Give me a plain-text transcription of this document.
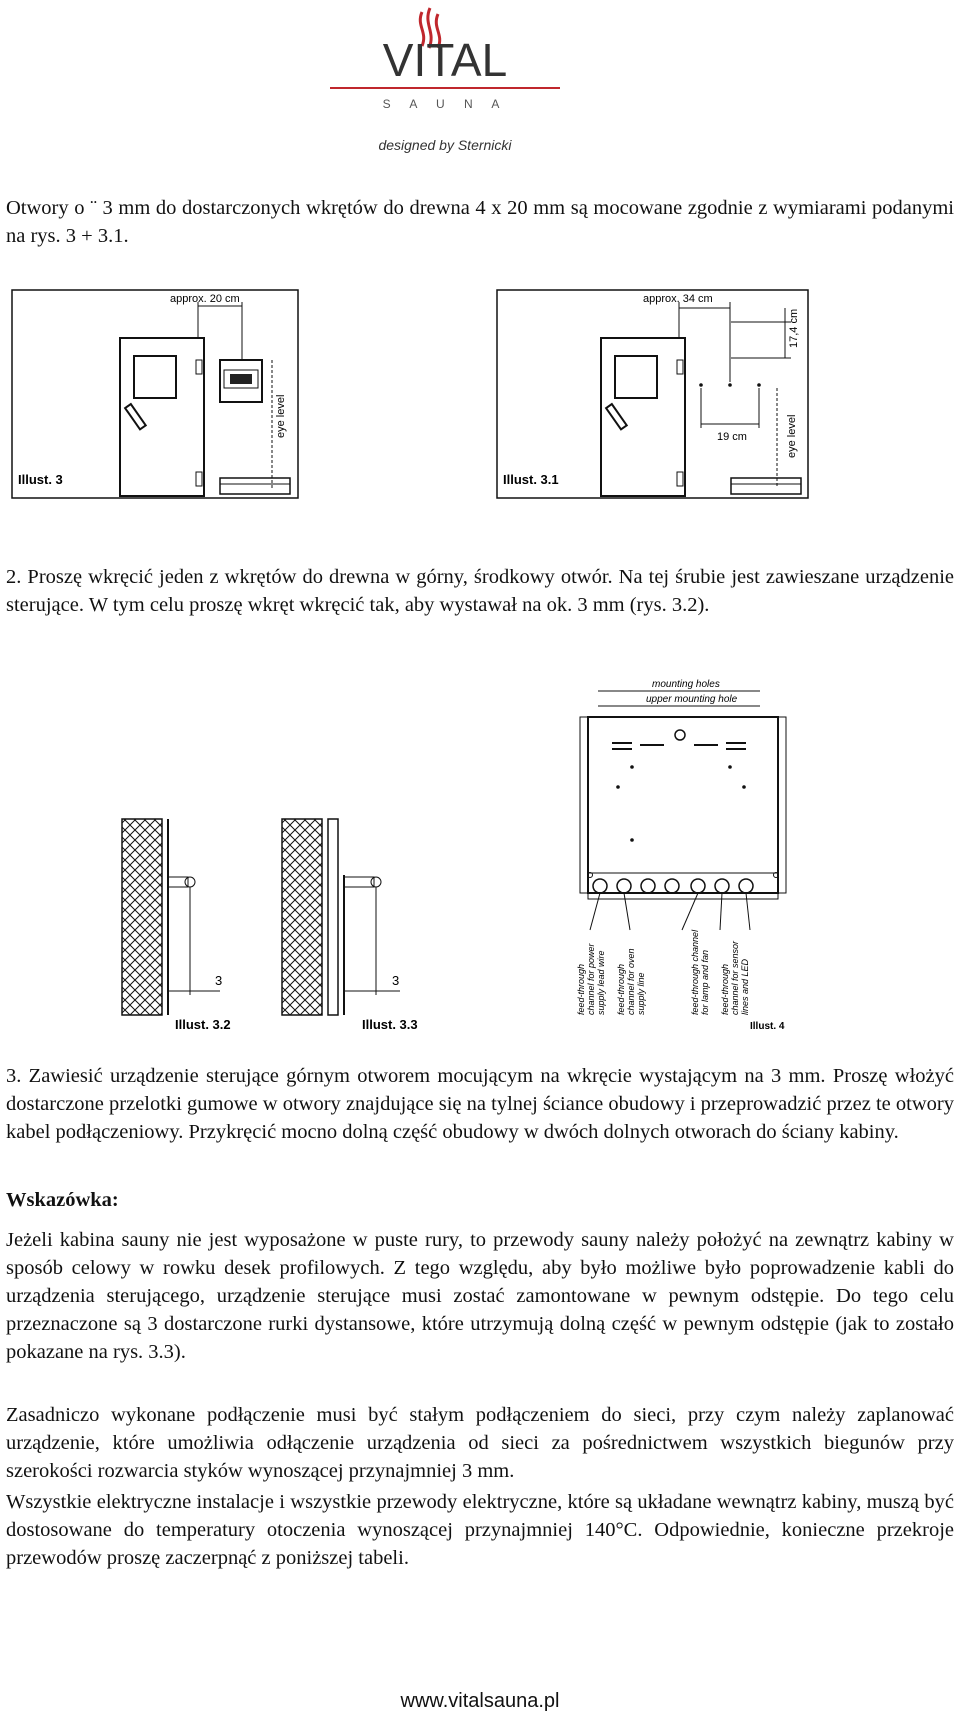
VITAL
S A U N A
designed by Sternicki

Otwory o ¨ 3 mm do dostarczonych wkrętów do drewna 4 x 20 mm są mocowane zgodnie z wymiarami podanymi na rys. 3 + 3.1.

approx. 20 cm
eye level
Illust. 3
19 cm
approx. 34 cm
17,4 cm
eye level
Illust. 3.1

2. Proszę wkręcić jeden z wkrętów do drewna w górny, środkowy otwór. Na tej śrubie jest zawieszane urządzenie sterujące. W tym celu proszę wkręt wkręcić tak, aby wystawał na ok. 3 mm (rys. 3.2).

3
Illust. 3.2
3
Illust. 3.3
mounting holes
upper mounting hole
feed-through channel for power supply lead wire feed-through channel for oven supply line	feed-through channel for lamp and fan feed-through channel for sensor lines and LED
Illust. 4

3. Zawiesić urządzenie sterujące górnym otworem mocującym na wkręcie wystającym na 3 mm. Proszę włożyć dostarczone przelotki gumowe w otwory znajdujące się na tylnej ściance obudowy i przeprowadzić przez te otwory kabel podłączeniowy. Przykręcić mocno dolną część obudowy w dwóch dolnych otworach do ściany kabiny.

Wskazówka:

Jeżeli kabina sauny nie jest wyposażone w puste rury, to przewody sauny należy położyć na zewnątrz kabiny w sposób celowy w rowku desek profilowych. Z tego względu, aby było możliwe było poprowadzenie kabli do urządzenia sterującego, urządzenie sterujące musi zostać zamontowane w pewnym odstępie. Do tego celu przeznaczone są 3 dostarczone rurki dystansowe, które utrzymują dolną część w pewnym odstępie (jak to zostało pokazane na rys. 3.3).

Zasadniczo wykonane podłączenie musi być stałym podłączeniem do sieci, przy czym należy zaplanować urządzenie, które umożliwia odłączenie urządzenia od sieci za pośrednictwem wszystkich biegunów przy szerokości rozwarcia styków wynoszącej przynajmniej 3 mm.

Wszystkie elektryczne instalacje i wszystkie przewody elektryczne, które są układane wewnątrz kabiny, muszą być dostosowane do temperatury otoczenia wynoszącej przynajmniej 140°C. Odpowiednie, konieczne przekroje przewodów proszę zaczerpnąć z poniższej tabeli.

www.vitalsauna.pl
